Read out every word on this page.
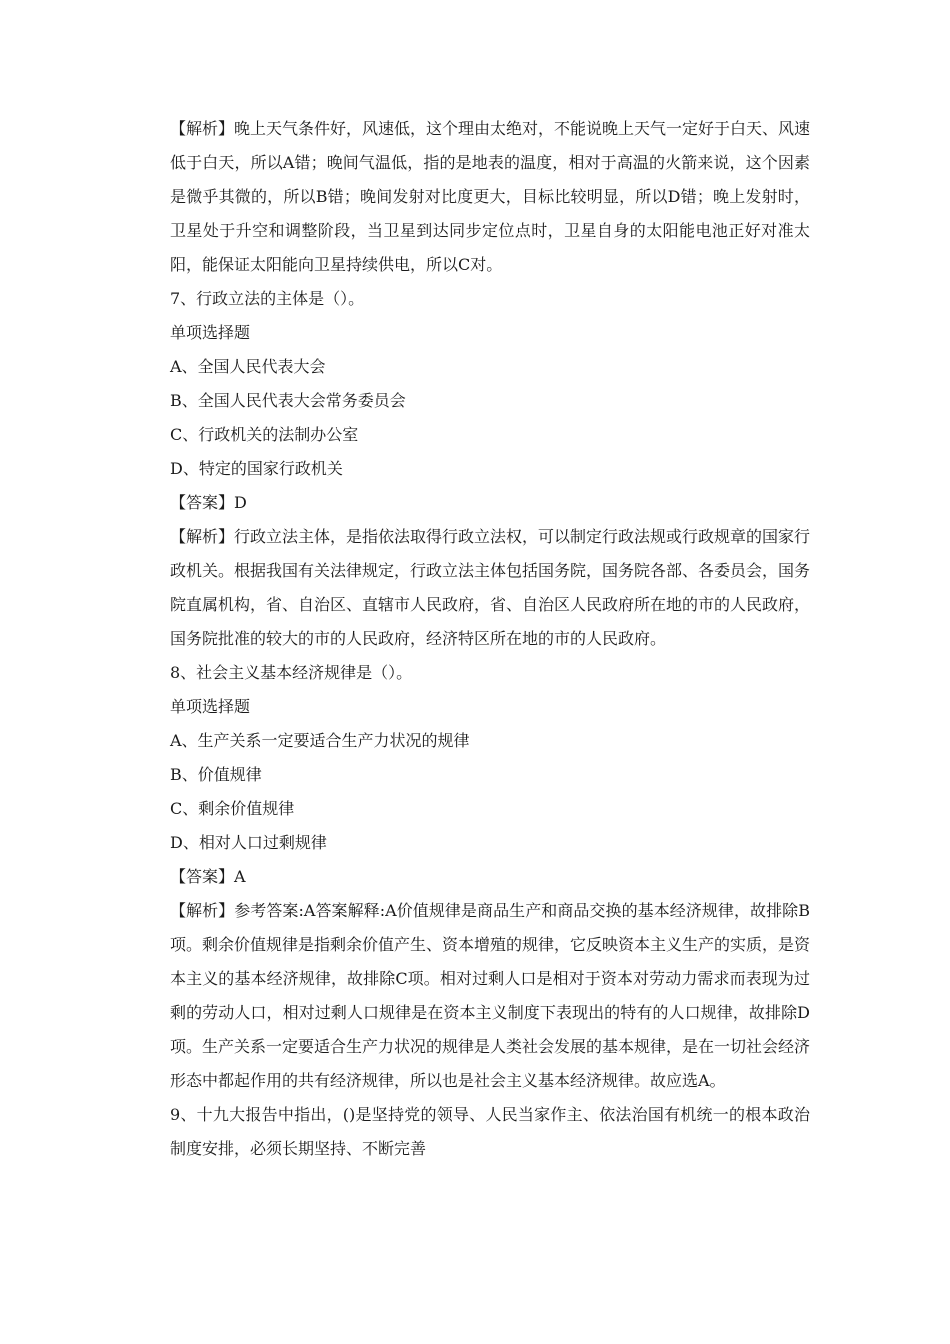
【解析】晚上天气条件好，风速低，这个理由太绝对，不能说晚上天气一定好于白天、风速低于白天，所以A错；晚间气温低，指的是地表的温度，相对于高温的火箭来说，这个因素是微乎其微的，所以B错；晚间发射对比度更大，目标比较明显，所以D错；晚上发射时，卫星处于升空和调整阶段，当卫星到达同步定位点时，卫星自身的太阳能电池正好对准太阳，能保证太阳能向卫星持续供电，所以C对。

7、行政立法的主体是（）。

单项选择题

A、全国人民代表大会

B、全国人民代表大会常务委员会

C、行政机关的法制办公室

D、特定的国家行政机关

【答案】D

【解析】行政立法主体，是指依法取得行政立法权，可以制定行政法规或行政规章的国家行政机关。根据我国有关法律规定，行政立法主体包括国务院，国务院各部、各委员会，国务院直属机构，省、自治区、直辖市人民政府，省、自治区人民政府所在地的市的人民政府，国务院批准的较大的市的人民政府，经济特区所在地的市的人民政府。

8、社会主义基本经济规律是（）。

单项选择题

A、生产关系一定要适合生产力状况的规律

B、价值规律

C、剩余价值规律

D、相对人口过剩规律

【答案】A

【解析】参考答案:A答案解释:A价值规律是商品生产和商品交换的基本经济规律，故排除B项。剩余价值规律是指剩余价值产生、资本增殖的规律，它反映资本主义生产的实质，是资本主义的基本经济规律，故排除C项。相对过剩人口是相对于资本对劳动力需求而表现为过剩的劳动人口，相对过剩人口规律是在资本主义制度下表现出的特有的人口规律，故排除D项。生产关系一定要适合生产力状况的规律是人类社会发展的基本规律，是在一切社会经济形态中都起作用的共有经济规律，所以也是社会主义基本经济规律。故应选A。

9、十九大报告中指出，()是坚持党的领导、人民当家作主、依法治国有机统一的根本政治制度安排，必须长期坚持、不断完善
